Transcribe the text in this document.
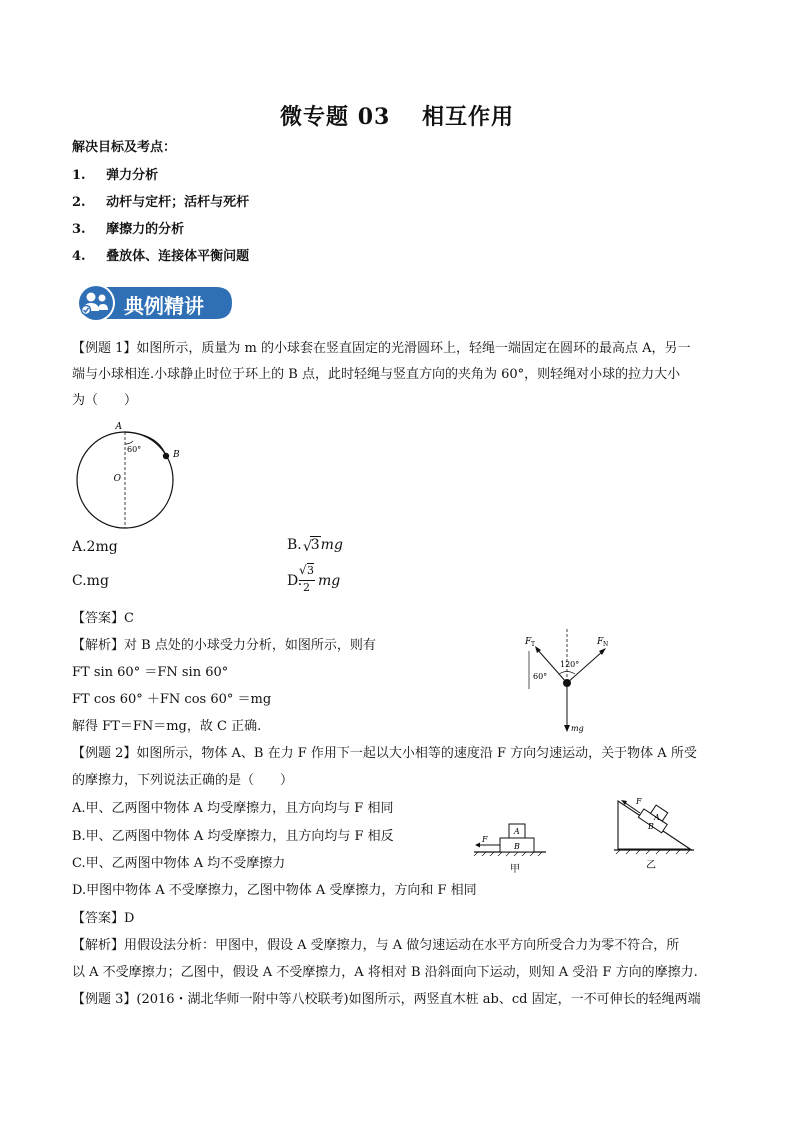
微专题 03　 相互作用
解决目标及考点：
1. 弹力分析
2. 动杆与定杆；活杆与死杆
3. 摩擦力的分析
4. 叠放体、连接体平衡问题
典例精讲
【例题 1】如图所示，质量为 m 的小球套在竖直固定的光滑圆环上，轻绳一端固定在圆环的最高点 A，另一
端与小球相连.小球静止时位于环上的 B 点，此时轻绳与竖直方向的夹角为 60°，则轻绳对小球的拉力大小
为（　　）
A
B
O
60°
A.2mg	B. 3mg
√
C.mg	D.
√ 3
2 mg
【答案】C
【解析】对 B 点处的小球受力分析，如图所示，则有
FT sin 60° ＝FN sin 60°
FT cos 60° ＋FN cos 60° ＝mg
解得 FT＝FN＝mg，故 C 正确.
F T	F N
120°
60°
mg
【例题 2】如图所示，物体 A、B 在力 F 作用下一起以大小相等的速度沿 F 方向匀速运动，关于物体 A 所受
的摩擦力，下列说法正确的是（　　）
A.甲、乙两图中物体 A 均受摩擦力，且方向均与 F 相同
B.甲、乙两图中物体 A 均受摩擦力，且方向均与 F 相反
C.甲、乙两图中物体 A 均不受摩擦力
D.甲图中物体 A 不受摩擦力，乙图中物体 A 受摩擦力，方向和 F 相同
F
A
B
甲
F
A
B
乙
【答案】D
【解析】用假设法分析：甲图中，假设 A 受摩擦力，与 A 做匀速运动在水平方向所受合力为零不符合，所
以 A 不受摩擦力；乙图中，假设 A 不受摩擦力，A 将相对 B 沿斜面向下运动，则知 A 受沿 F 方向的摩擦力.
【例题 3】(2016・湖北华师一附中等八校联考)如图所示，两竖直木桩 ab、cd 固定，一不可伸长的轻绳两端
